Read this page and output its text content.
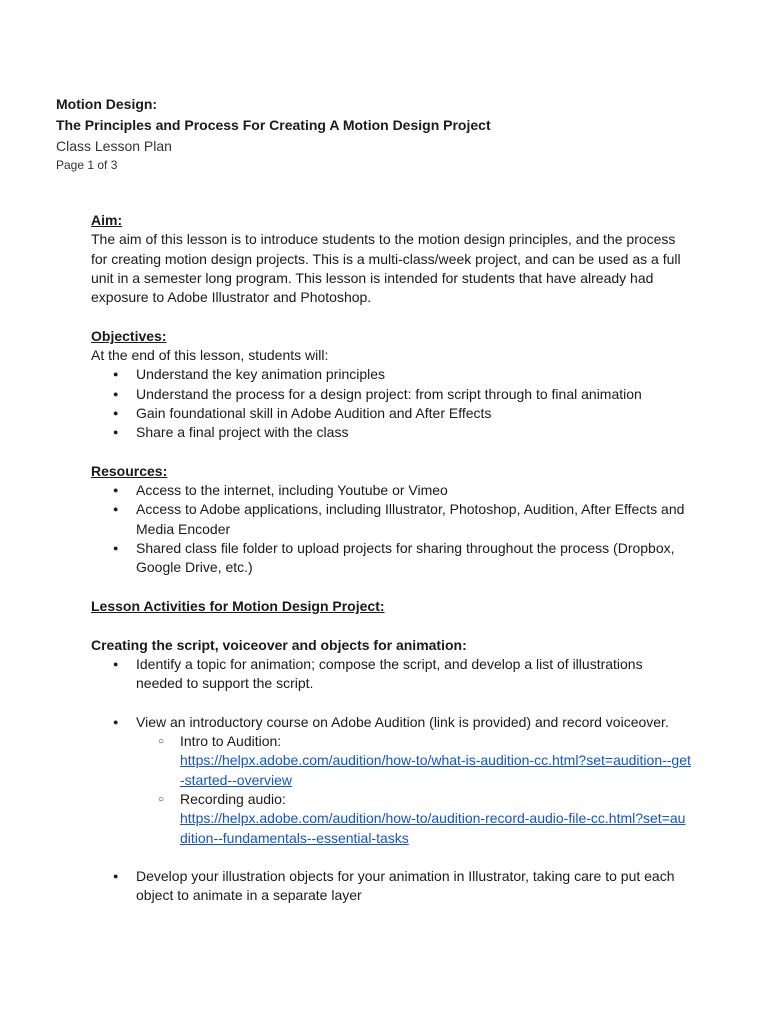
Motion Design:
The Principles and Process For Creating A Motion Design Project
Class Lesson Plan
Page 1 of 3
Aim:

The aim of this lesson is to introduce students to the motion design principles, and the process for creating motion design projects. This is a multi-class/week project, and can be used as a full unit in a semester long program. This lesson is intended for students that have already had exposure to Adobe Illustrator and Photoshop.

Objectives:
At the end of this lesson, students will:
● Understand the key animation principles
● Understand the process for a design project: from script through to final animation
● Gain foundational skill in Adobe Audition and After Effects
● Share a final project with the class
Resources:
● Access to the internet, including Youtube or Vimeo
● Access to Adobe applications, including Illustrator, Photoshop, Audition, After Effects and Media Encoder
● Shared class file folder to upload projects for sharing throughout the process (Dropbox, Google Drive, etc.)
Lesson Activities for Motion Design Project:
Creating the script, voiceover and objects for animation:
● Identify a topic for animation; compose the script, and develop a list of illustrations needed to support the script.
● View an introductory course on Adobe Audition (link is provided) and record voiceover.
○ Intro to Audition:
https://helpx.adobe.com/audition/how-to/what-is-audition-cc.html?set=audition--get-started--overview
○ Recording audio:
https://helpx.adobe.com/audition/how-to/audition-record-audio-file-cc.html?set=audition--fundamentals--essential-tasks
● Develop your illustration objects for your animation in Illustrator, taking care to put each object to animate in a separate layer
